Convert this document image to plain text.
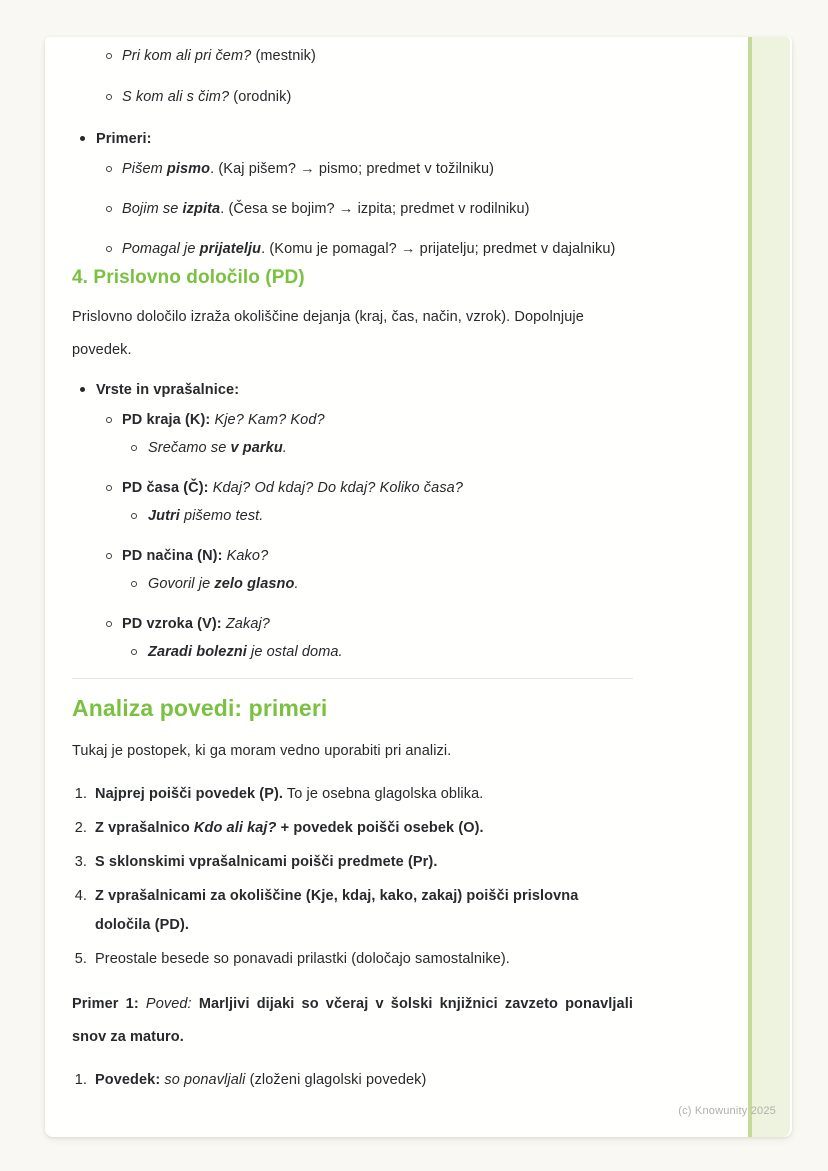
Pri kom ali pri čem? (mestnik)
S kom ali s čim? (orodnik)
Primeri:
Pišem pismo. (Kaj pišem? → pismo; predmet v tožilniku)
Bojim se izpita. (Česa se bojim? → izpita; predmet v rodilniku)
Pomagal je prijatelju. (Komu je pomagal? → prijatelju; predmet v dajalniku)
4. Prislovno določilo (PD)

Prislovno določilo izraža okoliščine dejanja (kraj, čas, način, vzrok). Dopolnjuje povedek.

Vrste in vprašalnice:
PD kraja (K): Kje? Kam? Kod?
Srečamo se v parku.
PD časa (Č): Kdaj? Od kdaj? Do kdaj? Koliko časa?
Jutri pišemo test.
PD načina (N): Kako?
Govoril je zelo glasno.
PD vzroka (V): Zakaj?
Zaradi bolezni je ostal doma.
Analiza povedi: primeri

Tukaj je postopek, ki ga moram vedno uporabiti pri analizi.

1. Najprej poišči povedek (P). To je osebna glagolska oblika.
2. Z vprašalnico Kdo ali kaj? + povedek poišči osebek (O).
3. S sklonskimi vprašalnicami poišči predmete (Pr).
4. Z vprašalnicami za okoliščine (Kje, kdaj, kako, zakaj) poišči prislovna določila (PD).
5. Preostale besede so ponavadi prilastki (določajo samostalnike).

Primer 1: Poved: Marljivi dijaki so včeraj v šolski knjižnici zavzeto ponavljali snov za maturo.

1. Povedek: so ponavljali (zloženi glagolski povedek)
(c) Knowunity 2025
